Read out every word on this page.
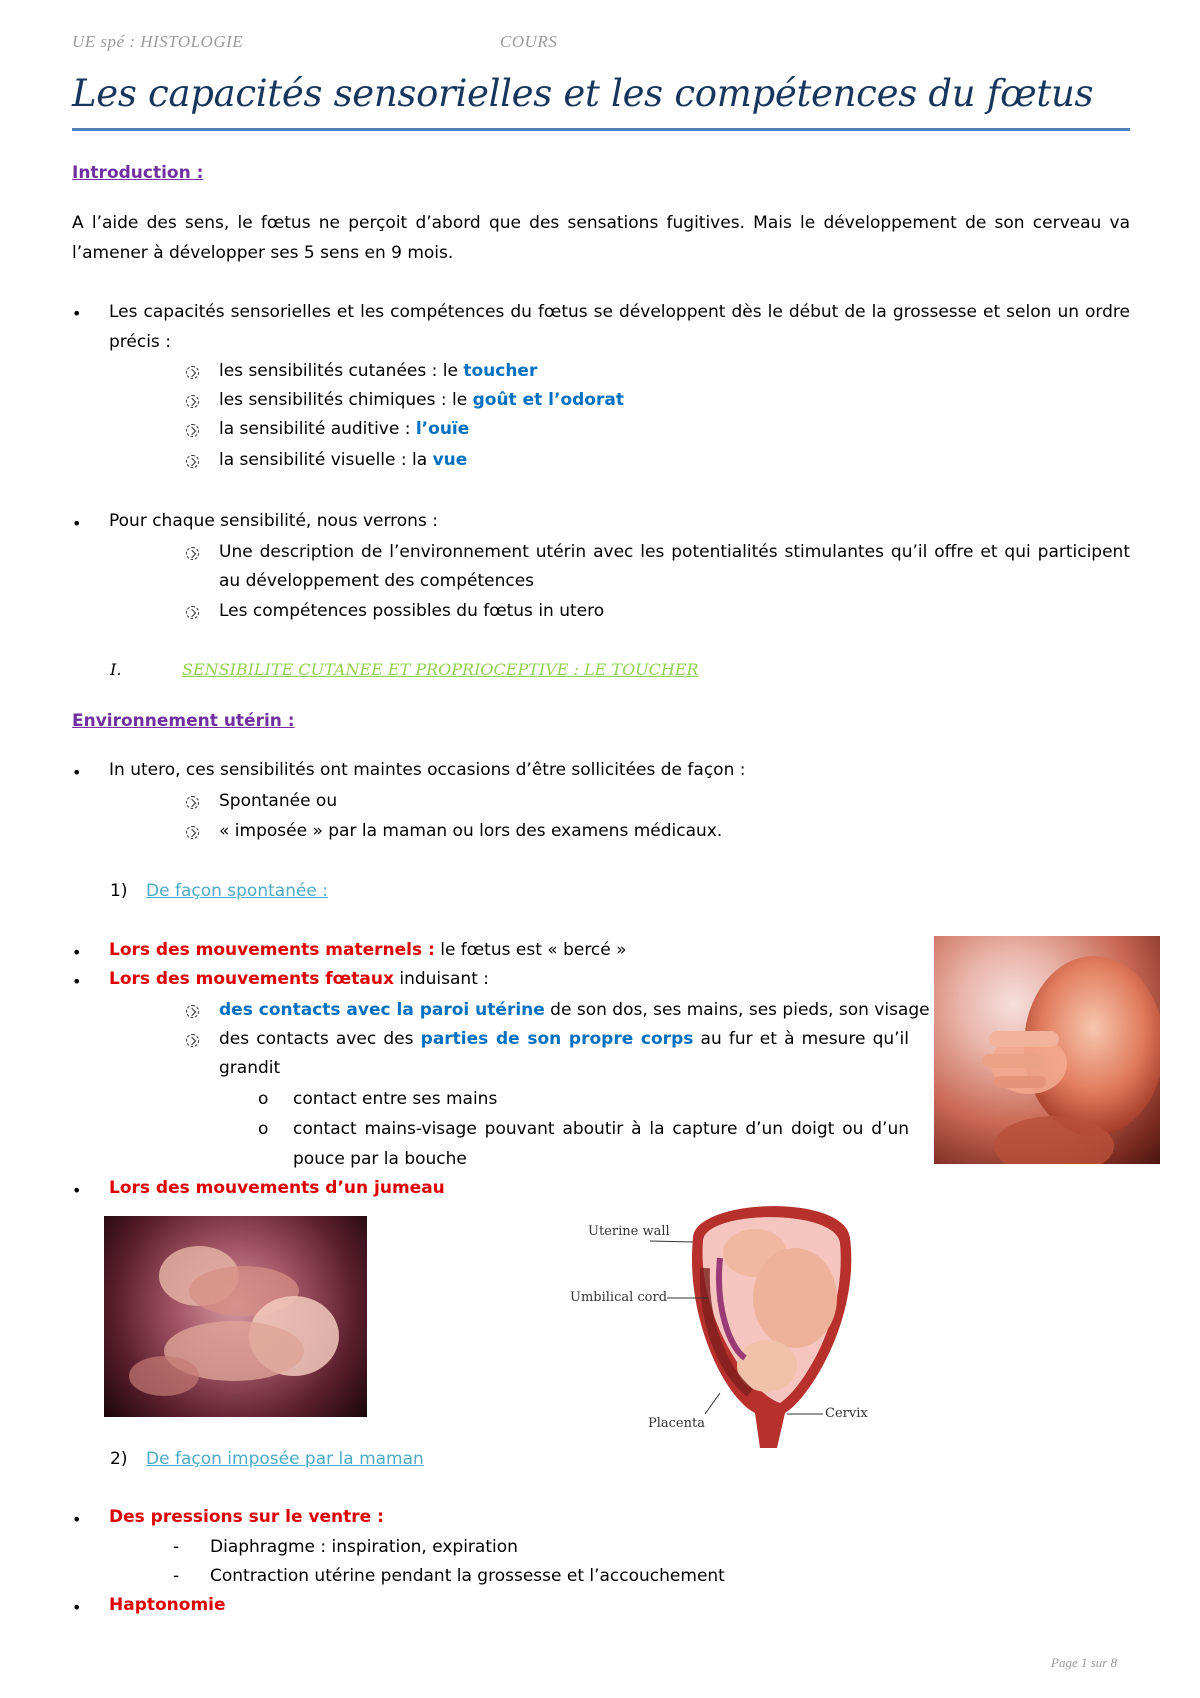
UE spé : HISTOLOGIE	COURS
Les capacités sensorielles et les compétences du fœtus
Introduction :
A l’aide des sens, le fœtus ne perçoit d’abord que des sensations fugitives. Mais le développement de son cerveau va
l’amener à développer ses 5 sens en 9 mois.
• Les capacités sensorielles et les compétences du fœtus se développent dès le début de la grossesse et selon un ordre
précis :
les sensibilités cutanées : le toucher
les sensibilités chimiques : le goût et l’odorat
la sensibilité auditive : l’ouïe
la sensibilité visuelle : la vue
• Pour chaque sensibilité, nous verrons :
Une description de l’environnement utérin avec les potentialités stimulantes qu’il offre et qui participent
au développement des compétences
Les compétences possibles du fœtus in utero
I.	SENSIBILITE CUTANEE ET PROPRIOCEPTIVE : LE TOUCHER
Environnement utérin :
• In utero, ces sensibilités ont maintes occasions d’être sollicitées de façon :
Spontanée ou
« imposée » par la maman ou lors des examens médicaux.
1) De façon spontanée :
• Lors des mouvements maternels : le fœtus est « bercé »
• Lors des mouvements fœtaux induisant :
des contacts avec la paroi utérine de son dos, ses mains, ses pieds, son visage
des contacts avec des parties de son propre corps au fur et à mesure qu’il
grandit
o contact entre ses mains
o contact mains-visage pouvant aboutir à la capture d’un doigt ou d’un
pouce par la bouche
• Lors des mouvements d’un jumeau
Uterine wall
Umbilical cord
Placenta
Cervix
2) De façon imposée par la maman
• Des pressions sur le ventre :
- Diaphragme : inspiration, expiration
- Contraction utérine pendant la grossesse et l’accouchement
• Haptonomie
Page 1 sur 8
